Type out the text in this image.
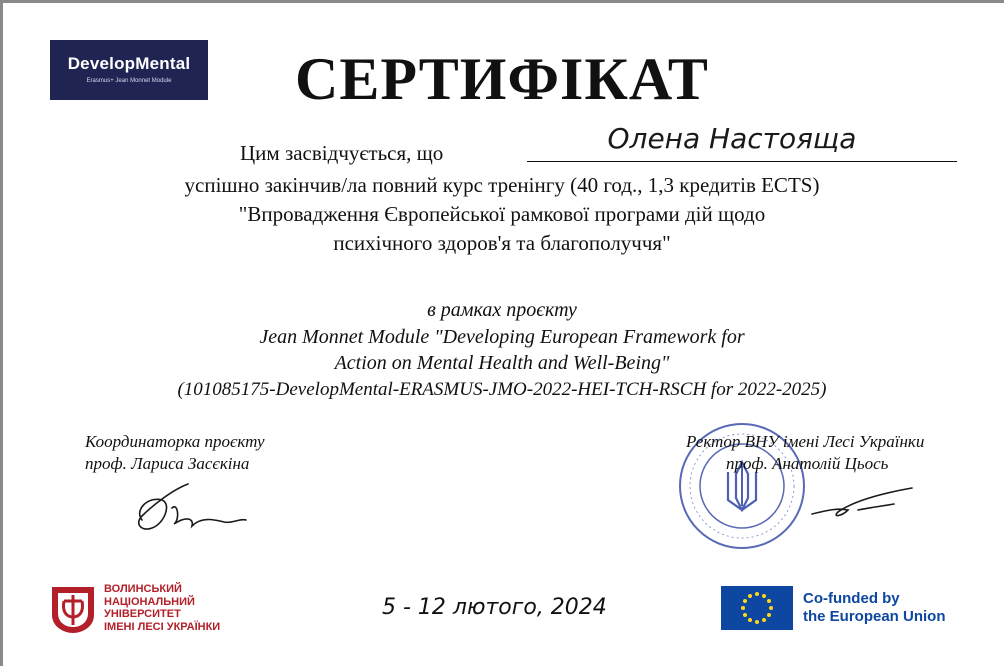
DevelopMental
Erasmus+ Jean Monnet Module	СЕРТИФІКАТ
Цим засвідчується, що	Олена Настояща
успішно закінчив/ла повний курс тренінгу (40 год., 1,3 кредитів ECTS)
"Впровадження Європейської рамкової програми дій щодо
психічного здоров'я та благополуччя"
в рамках проєкту
Jean Monnet Module "Developing European Framework for
Action on Mental Health and Well-Being"
(101085175-DevelopMental-ERASMUS-JMO-2022-HEI-TCH-RSCH for 2022-2025)
Координаторка проєкту
проф. Лариса Засєкіна
Ректор ВНУ імені Лесі Українки
проф. Анатолій Цьось
ВОЛИНСЬКИЙ
НАЦІОНАЛЬНИЙ
УНІВЕРСИТЕТ
ІМЕНІ ЛЕСІ УКРАЇНКИ
5 - 12 лютого, 2024	Co-funded by
the European Union
